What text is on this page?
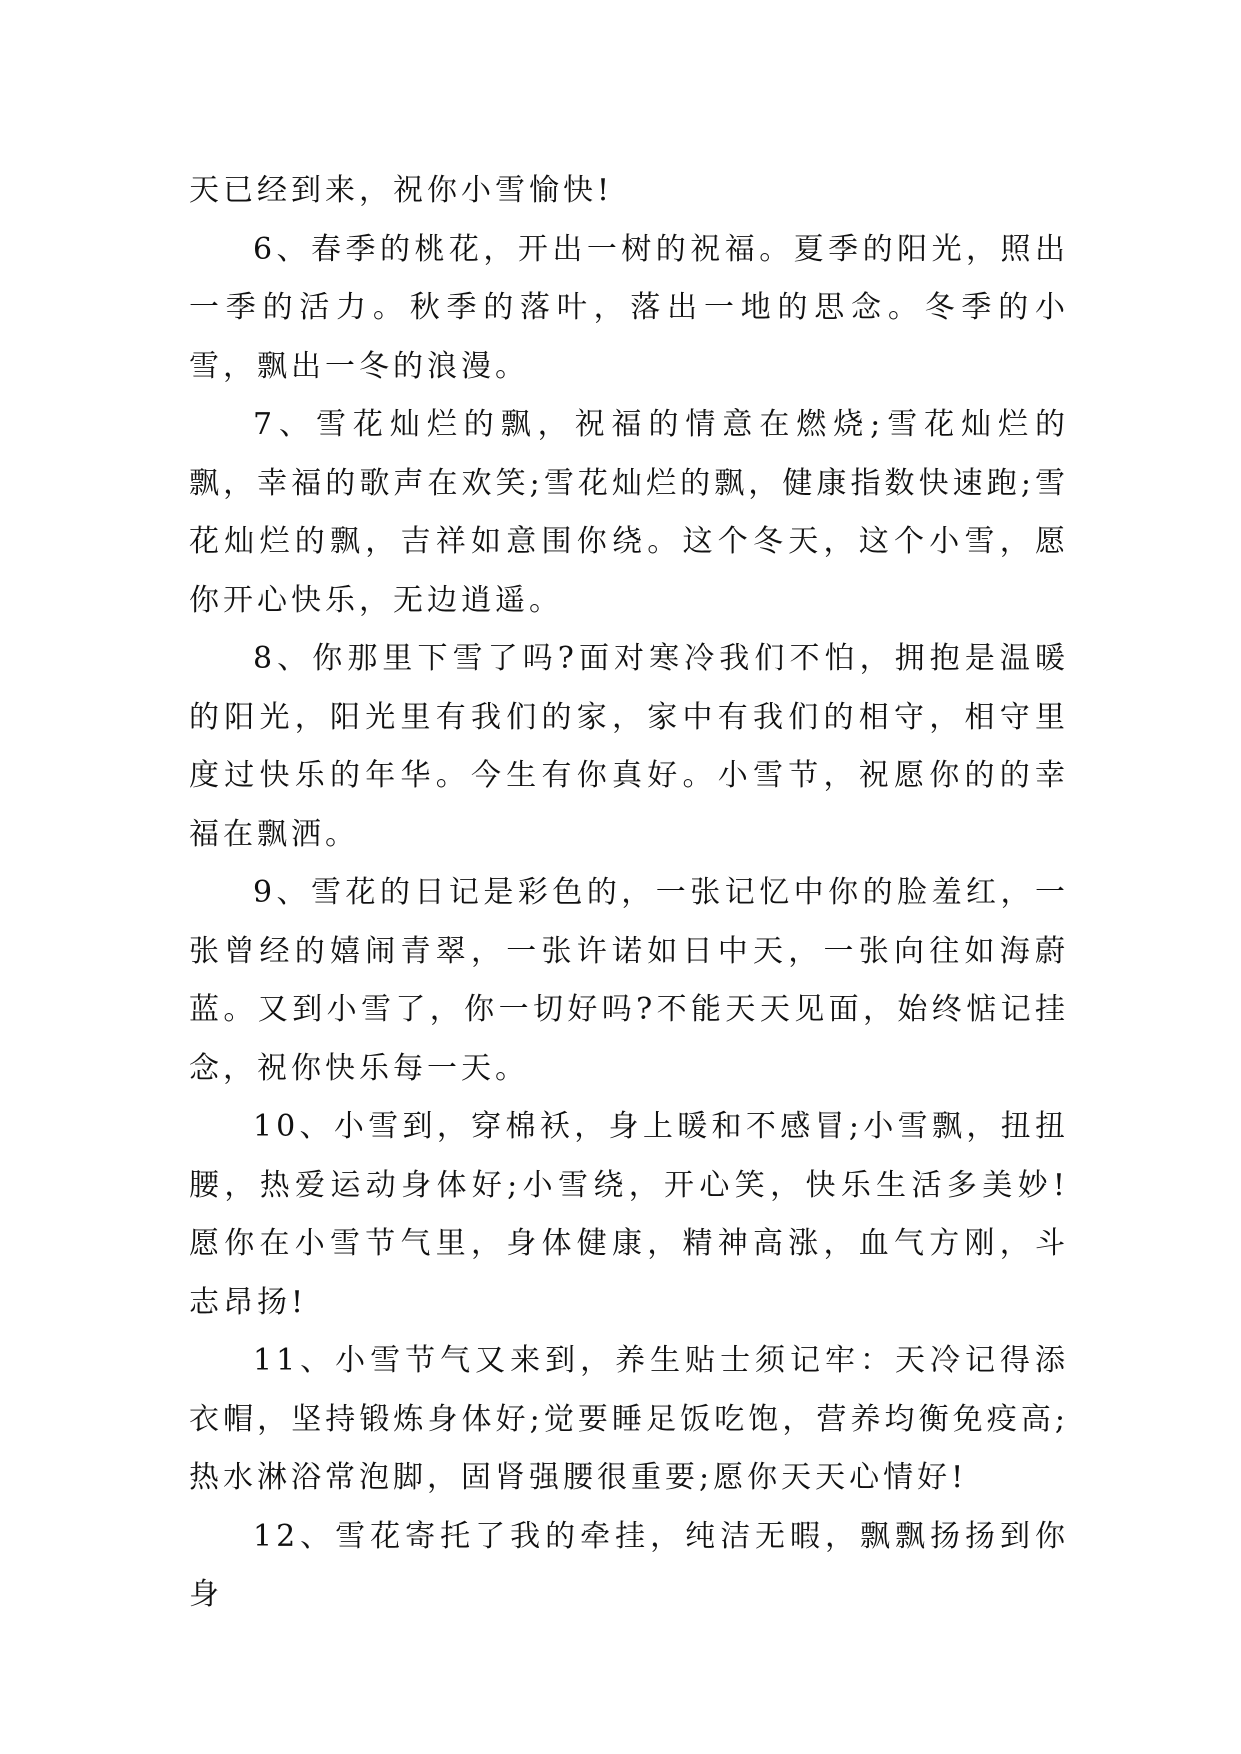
天已经到来，祝你小雪愉快!

6、春季的桃花，开出一树的祝福。夏季的阳光，照出一季的活力。秋季的落叶，落出一地的思念。冬季的小雪，飘出一冬的浪漫。

7、雪花灿烂的飘，祝福的情意在燃烧;雪花灿烂的飘，幸福的歌声在欢笑;雪花灿烂的飘，健康指数快速跑;雪花灿烂的飘，吉祥如意围你绕。这个冬天，这个小雪，愿你开心快乐，无边逍遥。

8、你那里下雪了吗?面对寒冷我们不怕，拥抱是温暖的阳光，阳光里有我们的家，家中有我们的相守，相守里度过快乐的年华。今生有你真好。小雪节，祝愿你的的幸福在飘洒。

9、雪花的日记是彩色的，一张记忆中你的脸羞红，一张曾经的嬉闹青翠，一张许诺如日中天，一张向往如海蔚蓝。又到小雪了，你一切好吗?不能天天见面，始终惦记挂念，祝你快乐每一天。

10、小雪到，穿棉袄，身上暖和不感冒;小雪飘，扭扭腰，热爱运动身体好;小雪绕，开心笑，快乐生活多美妙!愿你在小雪节气里，身体健康，精神高涨，血气方刚，斗志昂扬!

11、小雪节气又来到，养生贴士须记牢：天冷记得添衣帽，坚持锻炼身体好;觉要睡足饭吃饱，营养均衡免疫高;热水淋浴常泡脚，固肾强腰很重要;愿你天天心情好!

12、雪花寄托了我的牵挂，纯洁无暇，飘飘扬扬到你身
